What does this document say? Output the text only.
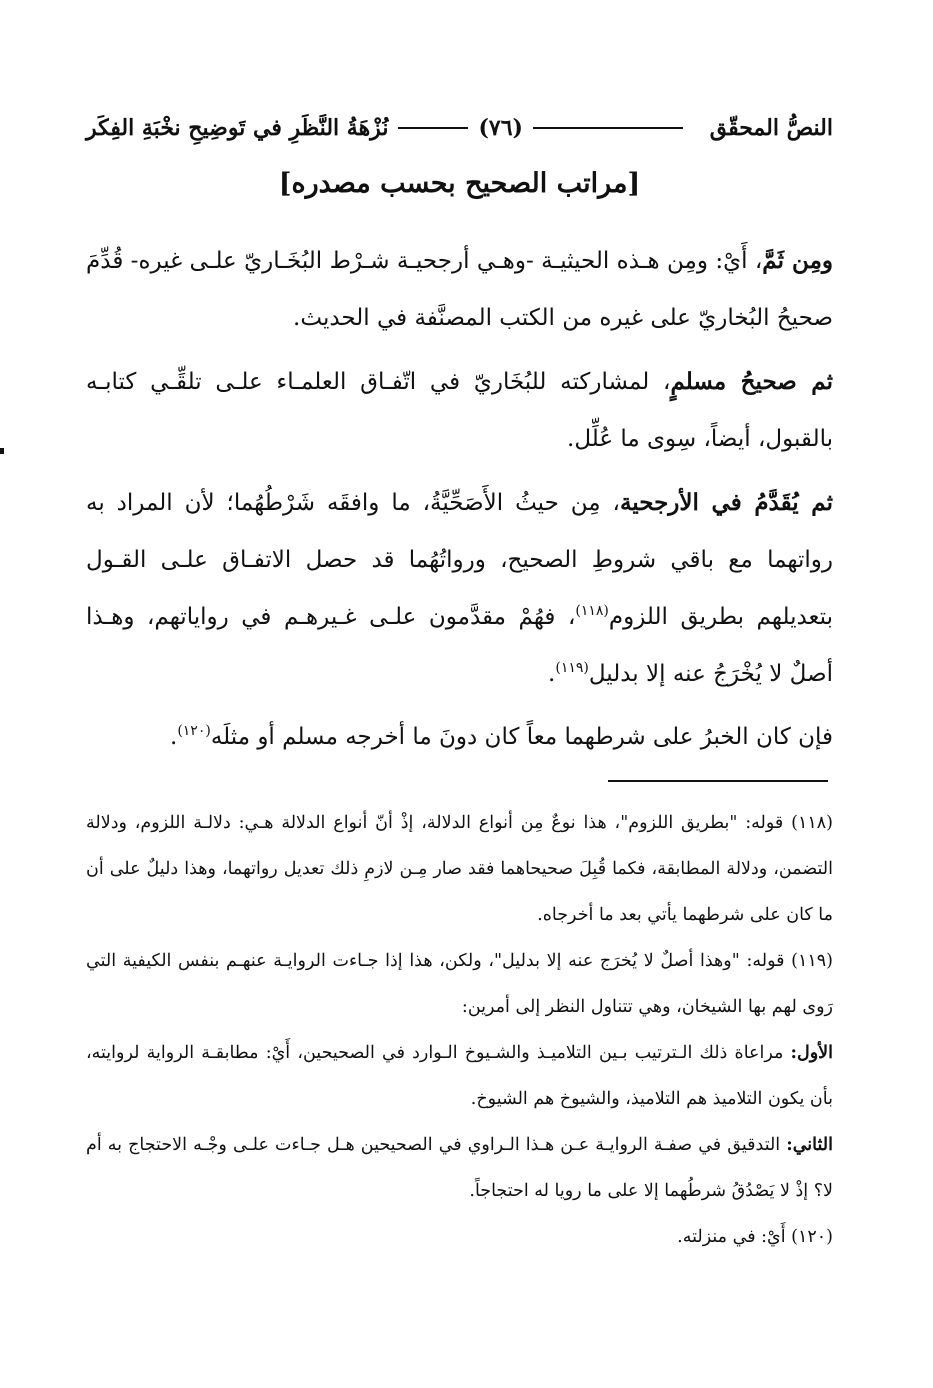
النصُّ المحقّق
(٧٦)
نُزْهَةُ النَّظَرِ في تَوضِيحِ نخْبَةِ الفِكَر
[مراتب الصحيح بحسب مصدره]

ومِن ثَمَّ، أَيْ: ومِن هـذه الحيثيـة -وهـي أرجحيـة شـرْط البُخَـاريّ علـى غيره- قُدِّمَ صحيحُ البُخاريّ على غيره من الكتب المصنَّفة في الحديث.

ثم صحيحُ مسلمٍ، لمشاركته للبُخَاريّ في اتّفـاق العلمـاء علـى تلقِّـي كتابـه بالقبول، أيضاً، سِوى ما عُلِّل.

ثم يُقَدَّمُ في الأرجحية، مِن حيثُ الأَصَحِّيَّةُ، ما وافقَه شَرْطُهُما؛ لأن المراد به رواتهما مع باقي شروطِ الصحيح، ورواتُهُما قد حصل الاتفـاق علـى القـول بتعديلهم بطريق اللزوم$^{(١١٨)}$، فهُمْ مقدَّمون علـى غـيرهـم في رواياتهم، وهـذا أصلٌ لا يُخْرَجُ عنه إلا بدليل$^{(١١٩)}$.

فإن كان الخبرُ على شرطهما معاً كان دونَ ما أخرجه مسلم أو مثلَه$^{(١٢٠)}$.

(١١٨) قوله: "بطريق اللزوم"، هذا نوعٌ مِن أنواع الدلالة، إذْ أنّ أنواع الدلالة هـي: دلالـة اللزوم، ودلالة التضمن، ودلالة المطابقة، فكما قُبِلَ صحيحاهما فقد صار مِـن لازمِ ذلك تعديل رواتهما، وهذا دليلٌ على أن ما كان على شرطهما يأتي بعد ما أخرجاه.

(١١٩) قوله: "وهذا أصلٌ لا يُخرَج عنه إلا بدليل"، ولكن، هذا إذا جـاءت الروايـة عنهـم بنفس الكيفية التي رَوى لهم بها الشيخان، وهي تتناول النظر إلى أمرين:

الأول: مراعاة ذلك الـترتيب بـين التلاميـذ والشـيوخ الـوارد في الصحيحين، أَيْ: مطابقـة الرواية لروايته، بأن يكون التلاميذ هم التلاميذ، والشيوخ هم الشيوخ.

الثاني: التدقيق في صفـة الروايـة عـن هـذا الـراوي في الصحيحين هـل جـاءت علـى وجْـه الاحتجاج به أم لا؟ إذْ لا يَصْدُقُ شرطُهما إلا على ما رويا له احتجاجاً.

(١٢٠) أَيْ: في منزلته.
